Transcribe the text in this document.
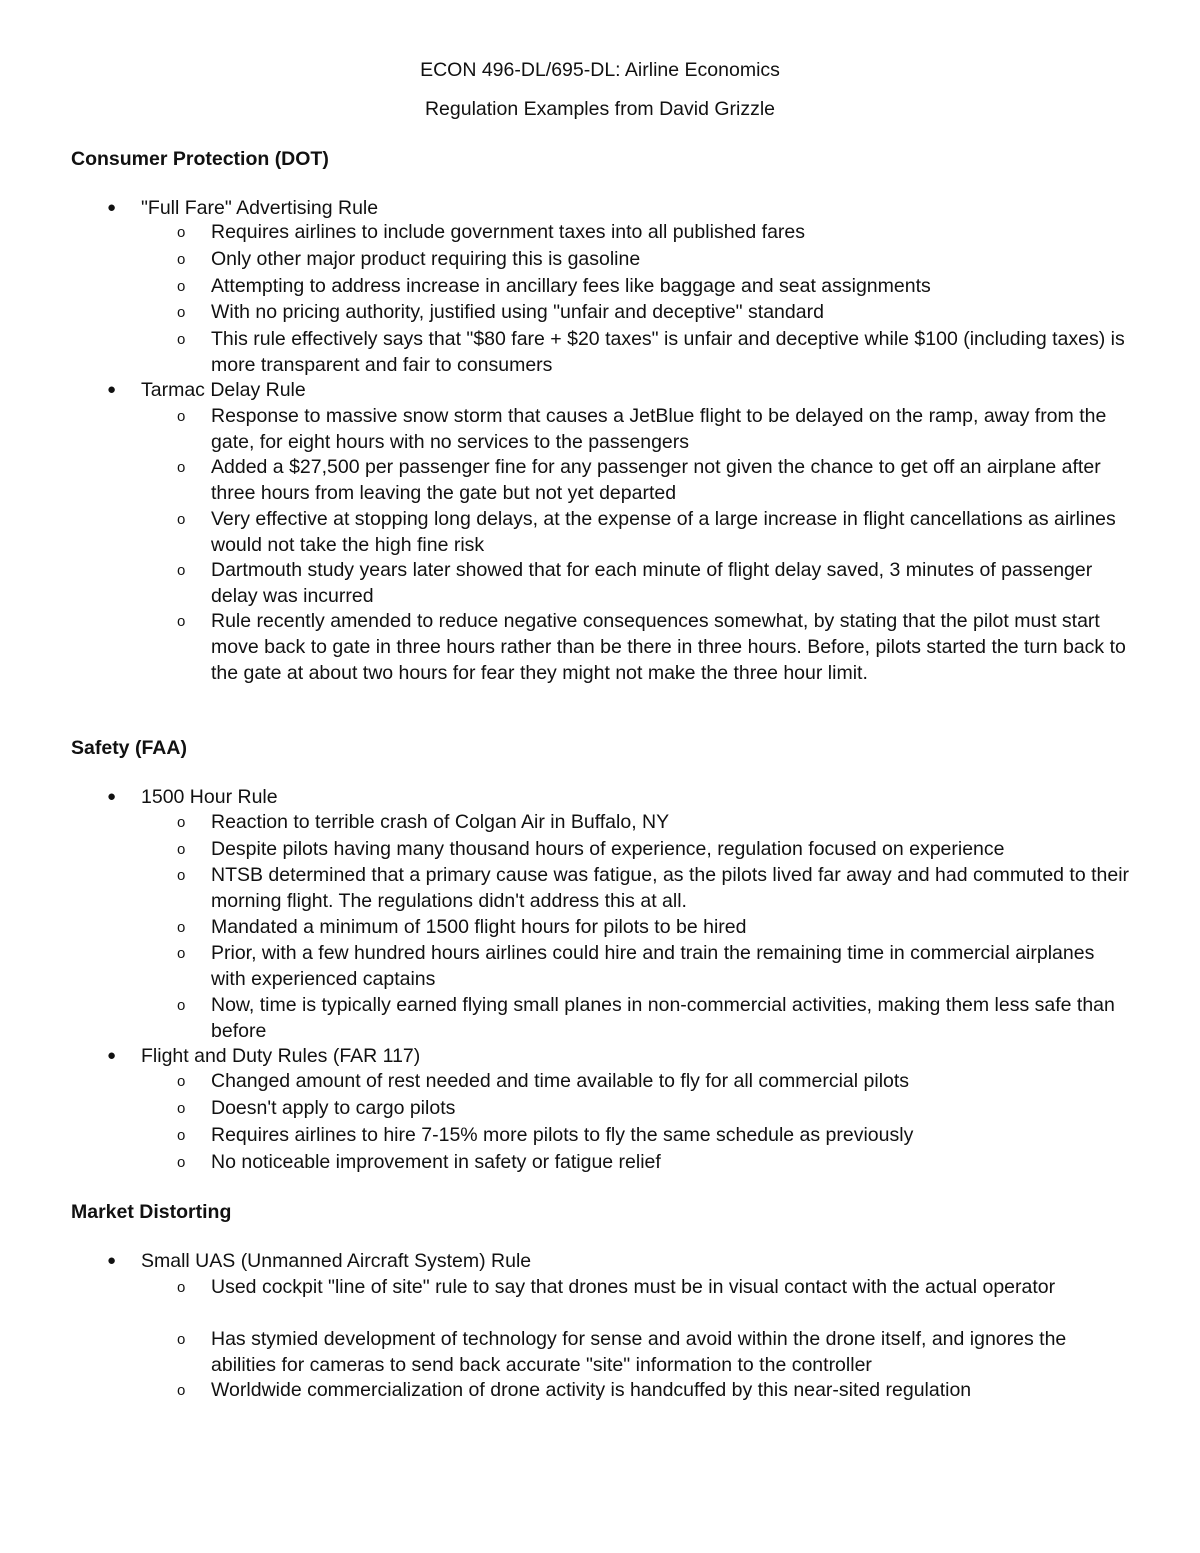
ECON 496-DL/695-DL: Airline Economics
Regulation Examples from David Grizzle
Consumer Protection (DOT)
● "Full Fare" Advertising Rule
o Requires airlines to include government taxes into all published fares
o Only other major product requiring this is gasoline
o Attempting to address increase in ancillary fees like baggage and seat assignments
o With no pricing authority, justified using "unfair and deceptive" standard
o This rule effectively says that "$80 fare + $20 taxes" is unfair and deceptive while $100 (including taxes) is more transparent and fair to consumers
● Tarmac Delay Rule
o Response to massive snow storm that causes a JetBlue flight to be delayed on the ramp, away from the gate, for eight hours with no services to the passengers
o Added a $27,500 per passenger fine for any passenger not given the chance to get off an airplane after three hours from leaving the gate but not yet departed
o Very effective at stopping long delays, at the expense of a large increase in flight cancellations as airlines would not take the high fine risk
o Dartmouth study years later showed that for each minute of flight delay saved, 3 minutes of passenger delay was incurred
o Rule recently amended to reduce negative consequences somewhat, by stating that the pilot must start move back to gate in three hours rather than be there in three hours. Before, pilots started the turn back to the gate at about two hours for fear they might not make the three hour limit.
Safety (FAA)
● 1500 Hour Rule
o Reaction to terrible crash of Colgan Air in Buffalo, NY
o Despite pilots having many thousand hours of experience, regulation focused on experience
o NTSB determined that a primary cause was fatigue, as the pilots lived far away and had commuted to their morning flight. The regulations didn't address this at all.
o Mandated a minimum of 1500 flight hours for pilots to be hired
o Prior, with a few hundred hours airlines could hire and train the remaining time in commercial airplanes with experienced captains
o Now, time is typically earned flying small planes in non-commercial activities, making them less safe than before
● Flight and Duty Rules (FAR 117)
o Changed amount of rest needed and time available to fly for all commercial pilots
o Doesn't apply to cargo pilots
o Requires airlines to hire 7-15% more pilots to fly the same schedule as previously
o No noticeable improvement in safety or fatigue relief
Market Distorting
● Small UAS (Unmanned Aircraft System) Rule
o Used cockpit "line of site" rule to say that drones must be in visual contact with the actual operator
o Has stymied development of technology for sense and avoid within the drone itself, and ignores the abilities for cameras to send back accurate "site" information to the controller
o Worldwide commercialization of drone activity is handcuffed by this near-sited regulation
